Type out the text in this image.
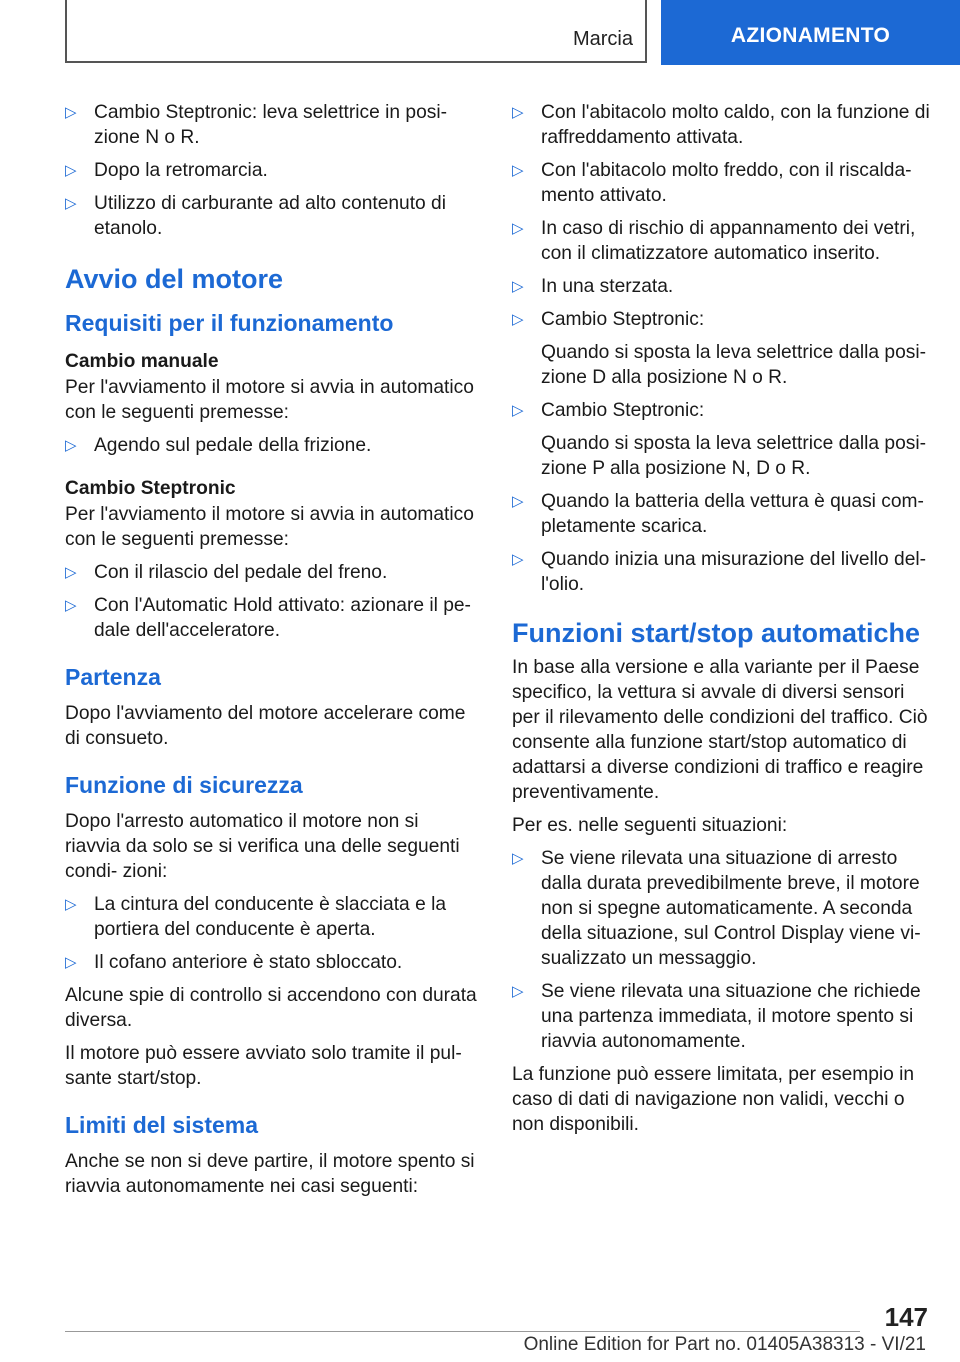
Marcia	AZIONAMENTO
▷ Cambio Steptronic: leva selettrice in posi‐ zione N o R.
▷ Dopo la retromarcia.
▷ Utilizzo di carburante ad alto contenuto di etanolo.
Avvio del motore
Requisiti per il funzionamento
Cambio manuale

Per l'avviamento il motore si avvia in automatico con le seguenti premesse:

▷ Agendo sul pedale della frizione.
Cambio Steptronic

Per l'avviamento il motore si avvia in automatico con le seguenti premesse:

▷ Con il rilascio del pedale del freno.
▷ Con l'Automatic Hold attivato: azionare il pe‐ dale dell'acceleratore.
Partenza

Dopo l'avviamento del motore accelerare come di consueto.

Funzione di sicurezza

Dopo l'arresto automatico il motore non si riavvia da solo se si verifica una delle seguenti condi‐ zioni:

▷ La cintura del conducente è slacciata e la portiera del conducente è aperta.
▷ Il cofano anteriore è stato sbloccato.

Alcune spie di controllo si accendono con durata diversa.

Il motore può essere avviato solo tramite il pul‐ sante start/stop.

Limiti del sistema

Anche se non si deve partire, il motore spento si riavvia autonomamente nei casi seguenti:

▷ Con l'abitacolo molto caldo, con la funzione di raffreddamento attivata.
▷ Con l'abitacolo molto freddo, con il riscalda‐ mento attivato.
▷ In caso di rischio di appannamento dei vetri, con il climatizzatore automatico inserito.
▷ In una sterzata.
▷ Cambio Steptronic:
Quando si sposta la leva selettrice dalla posi‐ zione D alla posizione N o R.
▷ Cambio Steptronic:
Quando si sposta la leva selettrice dalla posi‐ zione P alla posizione N, D o R.
▷ Quando la batteria della vettura è quasi com‐ pletamente scarica.
▷ Quando inizia una misurazione del livello del‐ l'olio.
Funzioni start/stop automatiche

In base alla versione e alla variante per il Paese specifico, la vettura si avvale di diversi sensori per il rilevamento delle condizioni del traffico. Ciò consente alla funzione start/stop automatico di adattarsi a diverse condizioni di traffico e reagire preventivamente.

Per es. nelle seguenti situazioni:

▷ Se viene rilevata una situazione di arresto dalla durata prevedibilmente breve, il motore non si spegne automaticamente. A seconda della situazione, sul Control Display viene vi‐ sualizzato un messaggio.
▷ Se viene rilevata una situazione che richiede una partenza immediata, il motore spento si riavvia autonomamente.

La funzione può essere limitata, per esempio in caso di dati di navigazione non validi, vecchi o non disponibili.

147
Online Edition for Part no. 01405A38313 - VI/21
